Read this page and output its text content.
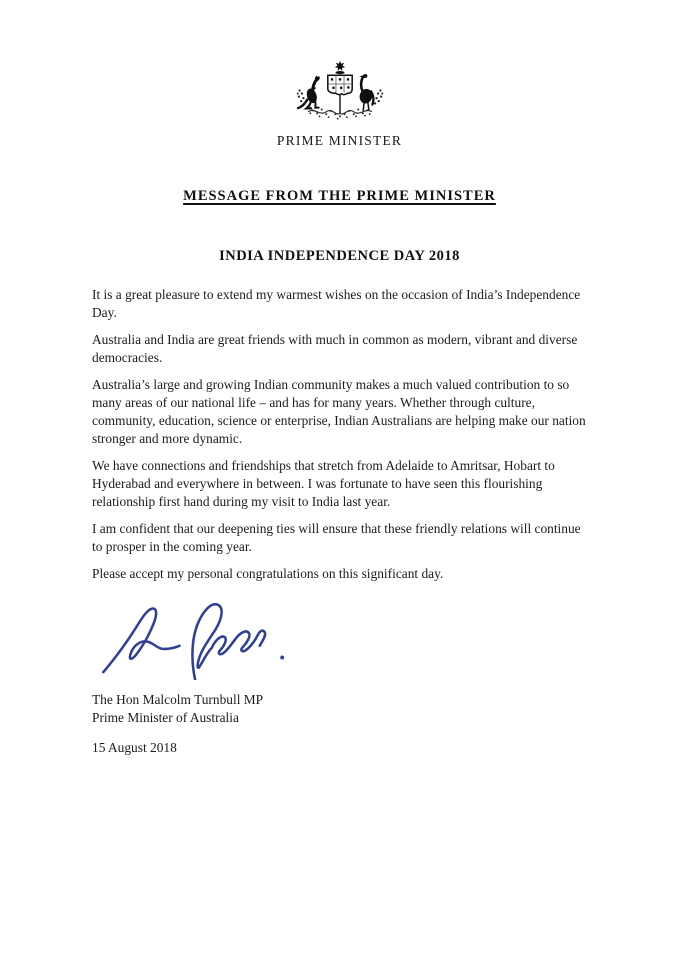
PRIME MINISTER
MESSAGE FROM THE PRIME MINISTER
INDIA INDEPENDENCE DAY 2018

It is a great pleasure to extend my warmest wishes on the occasion of India’s Independence Day.

Australia and India are great friends with much in common as modern, vibrant and diverse democracies.

Australia’s large and growing Indian community makes a much valued contribution to so many areas of our national life – and has for many years. Whether through culture, community, education, science or enterprise, Indian Australians are helping make our nation stronger and more dynamic.

We have connections and friendships that stretch from Adelaide to Amritsar, Hobart to Hyderabad and everywhere in between. I was fortunate to have seen this flourishing relationship first hand during my visit to India last year.

I am confident that our deepening ties will ensure that these friendly relations will continue to prosper in the coming year.

Please accept my personal congratulations on this significant day.

The Hon Malcolm Turnbull MP
Prime Minister of Australia
15 August 2018
